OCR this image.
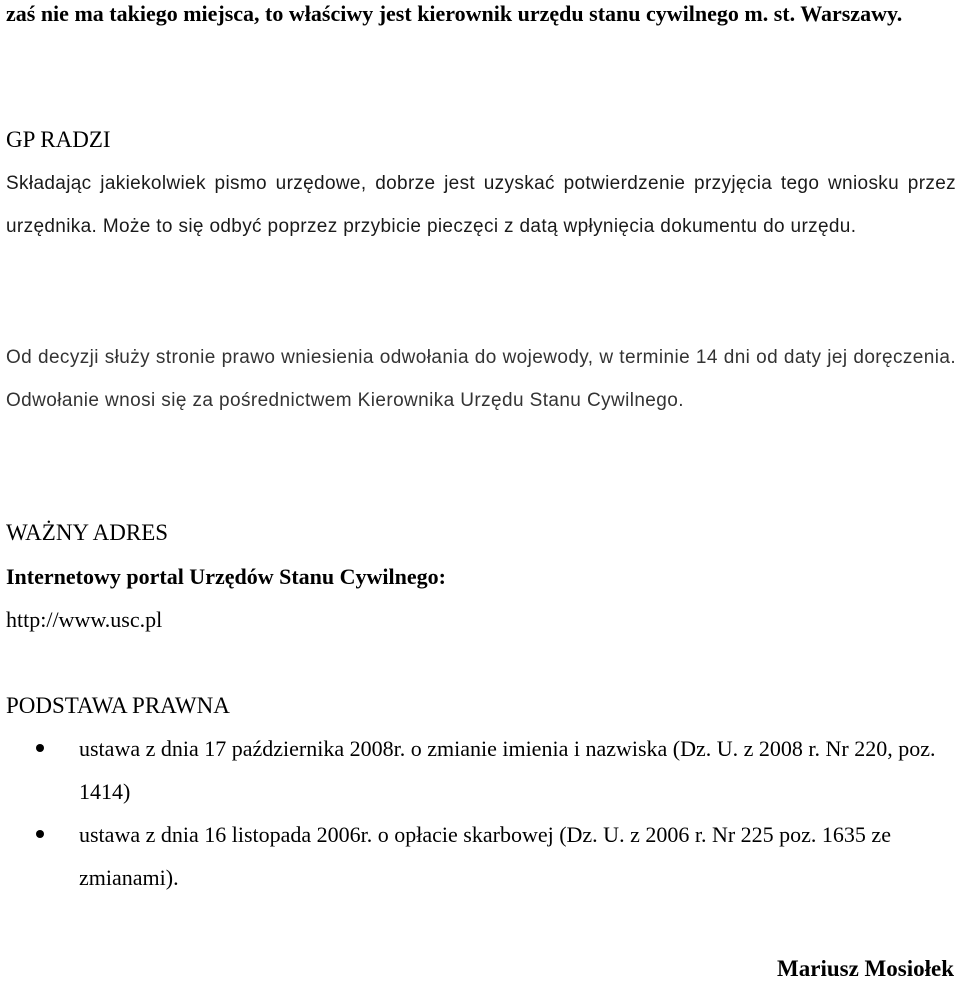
zaś nie ma takiego miejsca, to właściwy jest kierownik urzędu stanu cywilnego m. st. Warszawy.

GP RADZI

Składając jakiekolwiek pismo urzędowe, dobrze jest uzyskać potwierdzenie przyjęcia tego wniosku przez urzędnika. Może to się odbyć poprzez przybicie pieczęci z datą wpłynięcia dokumentu do urzędu.

Od decyzji służy stronie prawo wniesienia odwołania do wojewody, w terminie 14 dni od daty jej doręczenia. Odwołanie wnosi się za pośrednictwem Kierownika Urzędu Stanu Cywilnego.

WAŻNY ADRES
Internetowy portal Urzędów Stanu Cywilnego:
http://www.usc.pl
PODSTAWA PRAWNA
ustawa z dnia 17 października 2008r. o zmianie imienia i nazwiska (Dz. U. z 2008 r. Nr 220, poz. 1414)
ustawa z dnia 16 listopada 2006r. o opłacie skarbowej (Dz. U. z 2006 r. Nr 225 poz. 1635 ze zmianami).
Mariusz Mosiołek
